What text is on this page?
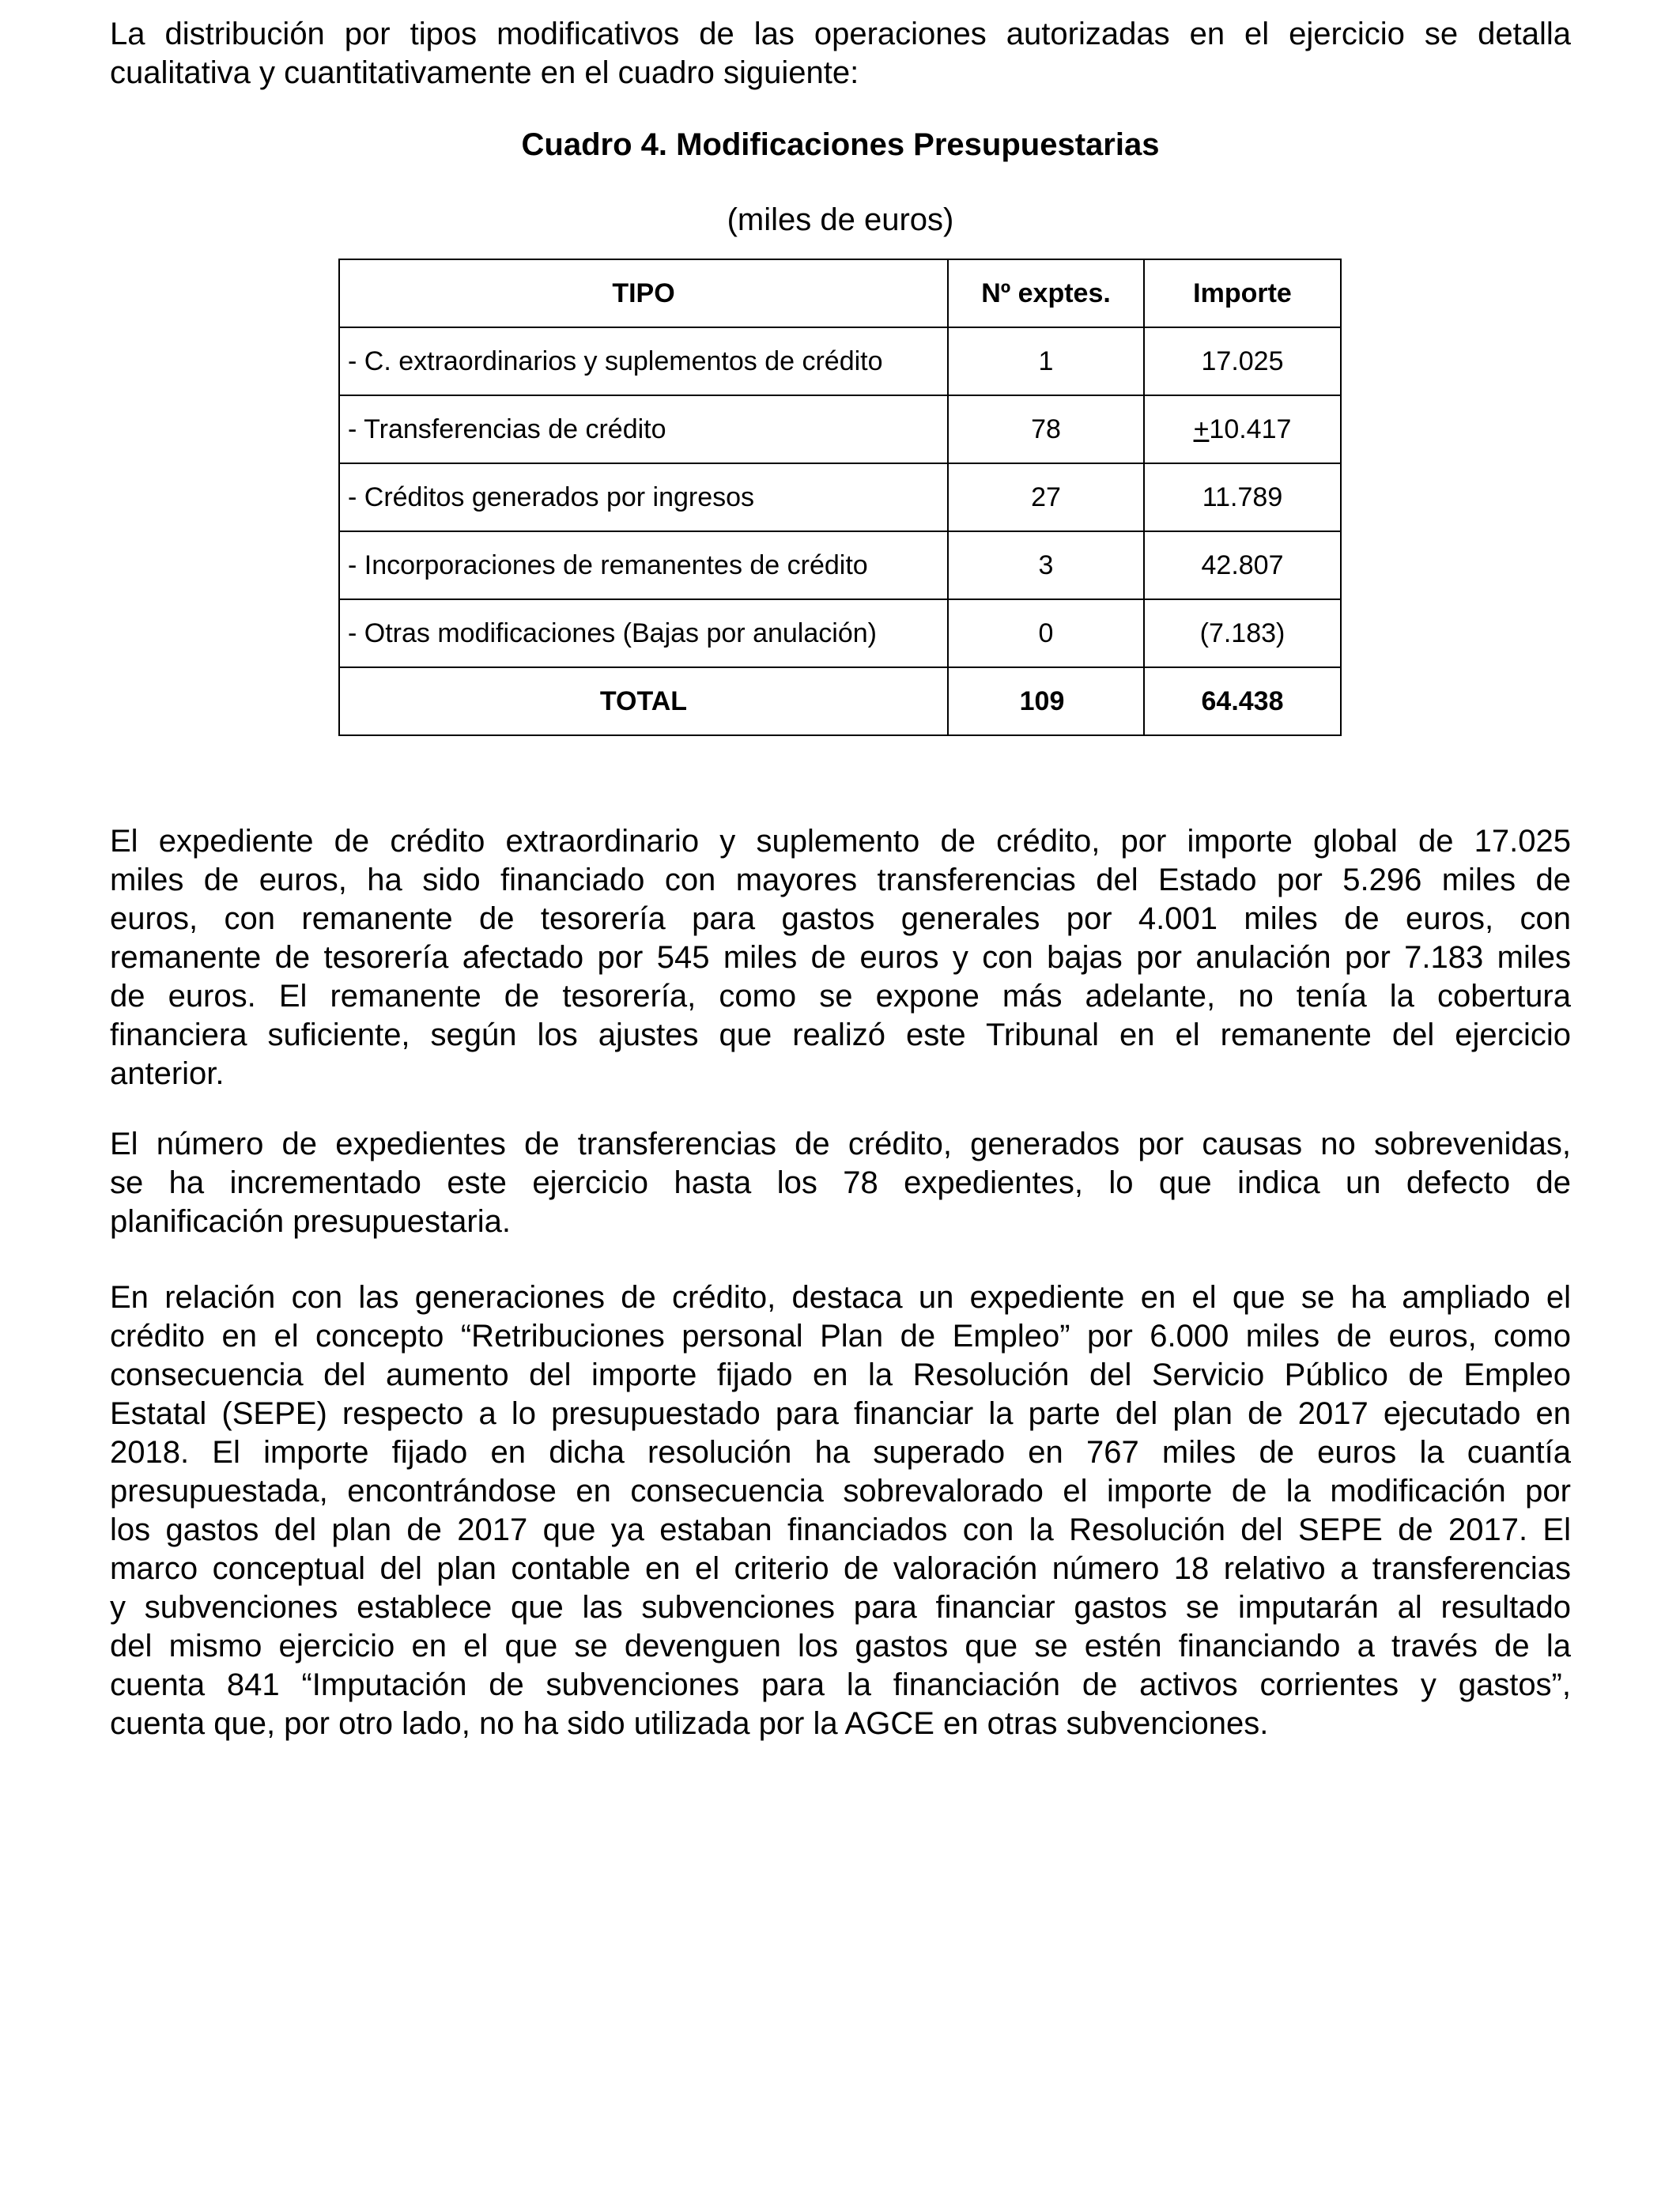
La distribución por tipos modificativos de las operaciones autorizadas en el ejercicio se detalla
cualitativa y cuantitativamente en el cuadro siguiente:

Cuadro 4. Modificaciones Presupuestarias
(miles de euros)
TIPO	Nº exptes.	Importe
- C. extraordinarios y suplementos de crédito	1	17.025
- Transferencias de crédito	78	+10.417
- Créditos generados por ingresos	27	11.789
- Incorporaciones de remanentes de crédito	3	42.807
- Otras modificaciones (Bajas por anulación)	0	(7.183)
TOTAL	109	64.438

El expediente de crédito extraordinario y suplemento de crédito, por importe global de 17.025
miles de euros, ha sido financiado con mayores transferencias del Estado por 5.296 miles de
euros, con remanente de tesorería para gastos generales por 4.001 miles de euros, con
remanente de tesorería afectado por 545 miles de euros y con bajas por anulación por 7.183 miles
de euros. El remanente de tesorería, como se expone más adelante, no tenía la cobertura
financiera suficiente, según los ajustes que realizó este Tribunal en el remanente del ejercicio
anterior.

El número de expedientes de transferencias de crédito, generados por causas no sobrevenidas,
se ha incrementado este ejercicio hasta los 78 expedientes, lo que indica un defecto de
planificación presupuestaria.

En relación con las generaciones de crédito, destaca un expediente en el que se ha ampliado el
crédito en el concepto “Retribuciones personal Plan de Empleo” por 6.000 miles de euros, como
consecuencia del aumento del importe fijado en la Resolución del Servicio Público de Empleo
Estatal (SEPE) respecto a lo presupuestado para financiar la parte del plan de 2017 ejecutado en
2018. El importe fijado en dicha resolución ha superado en 767 miles de euros la cuantía
presupuestada, encontrándose en consecuencia sobrevalorado el importe de la modificación por
los gastos del plan de 2017 que ya estaban financiados con la Resolución del SEPE de 2017. El
marco conceptual del plan contable en el criterio de valoración número 18 relativo a transferencias
y subvenciones establece que las subvenciones para financiar gastos se imputarán al resultado
del mismo ejercicio en el que se devenguen los gastos que se estén financiando a través de la
cuenta 841 “Imputación de subvenciones para la financiación de activos corrientes y gastos”,
cuenta que, por otro lado, no ha sido utilizada por la AGCE en otras subvenciones.
